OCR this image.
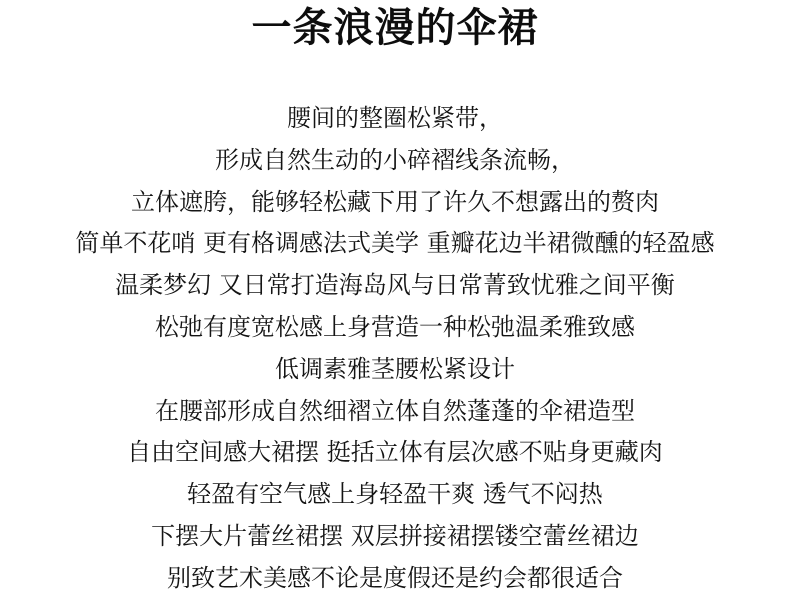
一条浪漫的伞裙
腰间的整圈松紧带，
形成自然生动的小碎褶线条流畅，
立体遮胯，能够轻松藏下用了许久不想露出的赘肉
简单不花哨 更有格调感法式美学 重瓣花边半裙微醺的轻盈感
温柔梦幻 又日常打造海岛风与日常菁致忧雅之间平衡
松弛有度宽松感上身营造一种松弛温柔雅致感
低调素雅茎腰松紧设计
在腰部形成自然细褶立体自然蓬蓬的伞裙造型
自由空间感大裙摆 挺括立体有层次感不贴身更藏肉
轻盈有空气感上身轻盈干爽 透气不闷热
下摆大片蕾丝裙摆 双层拼接裙摆镂空蕾丝裙边
别致艺术美感不论是度假还是约会都很适合
